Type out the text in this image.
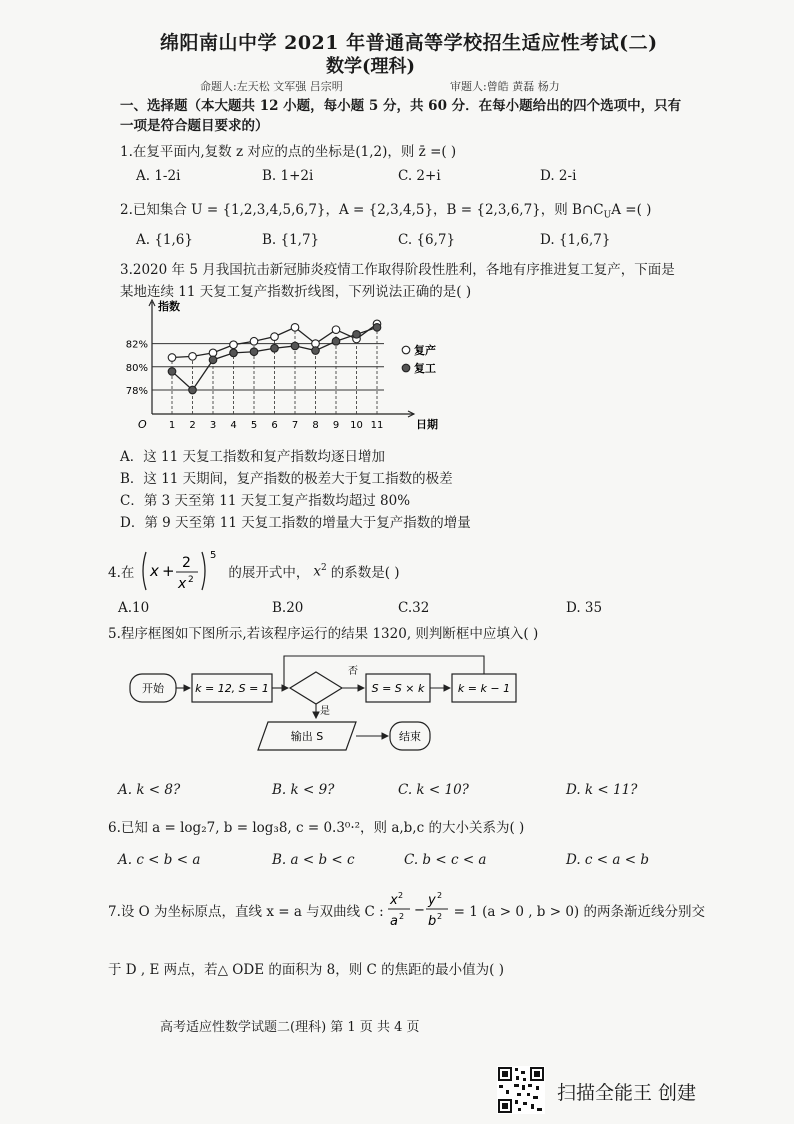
绵阳南山中学 2021 年普通高等学校招生适应性考试(二)
数学(理科)
命题人:左天松 文军强 吕宗明	审题人:曾皓 黄磊 杨力
一、选择题（本大题共 12 小题，每小题 5 分，共 60 分．在每小题给出的四个选项中，只有
一项是符合题目要求的）
1.在复平面内,复数 z 对应的点的坐标是(1,2)，则 z̄ =( )
A. 1-2i	B. 1+2i	C. 2+i	D. 2-i
2.已知集合 U = {1,2,3,4,5,6,7}，A = {2,3,4,5}，B = {2,3,6,7}，则 $B\cap C_UA$ =( )
A. {1,6}	B. {1,7}	C. {6,7}	D. {1,6,7}
3.2020 年 5 月我国抗击新冠肺炎疫情工作取得阶段性胜利，各地有序推进复工复产，下面是
某地连续 11 天复工复产指数折线图，下列说法正确的是( )
指数
日期
O
78%
80%
82%
1 2 3 4 5 6 7 8 9 10 11
复产
复工
A．这 11 天复工指数和复产指数均逐日增加
B．这 11 天期间，复产指数的极差大于复工指数的极差
C．第 3 天至第 11 天复工复产指数均超过 80%
D．第 9 天至第 11 天复工指数的增量大于复产指数的增量
4.在 x + 2
x 2
5
的展开式中， $x^2$ 的系数是( )
A.10	B.20	C.32	D. 35
5.程序框图如下图所示,若该程序运行的结果 1320, 则判断框中应填入( )
开始	k = 12, S = 1
否
S = S × k	k = k − 1
是
输出 S	结束
A. k < 8?	B. k < 9?	C. k < 10?	D. k < 11?
6.已知 a = log₂7, b = log₃8, c = 0.3⁰·²，则 a,b,c 的大小关系为( )
A. c < b < a	B. a < b < c	C. b < c < a	D. c < a < b
7.设 O 为坐标原点，直线 x = a 与双曲线 C :
x 2
a 2 −
y 2
b 2 = 1 (a > 0 , b > 0) 的两条渐近线分别交
于 D , E 两点，若△ ODE 的面积为 8，则 C 的焦距的最小值为( )
高考适应性数学试题二(理科) 第 1 页 共 4 页
扫描全能王 创建
